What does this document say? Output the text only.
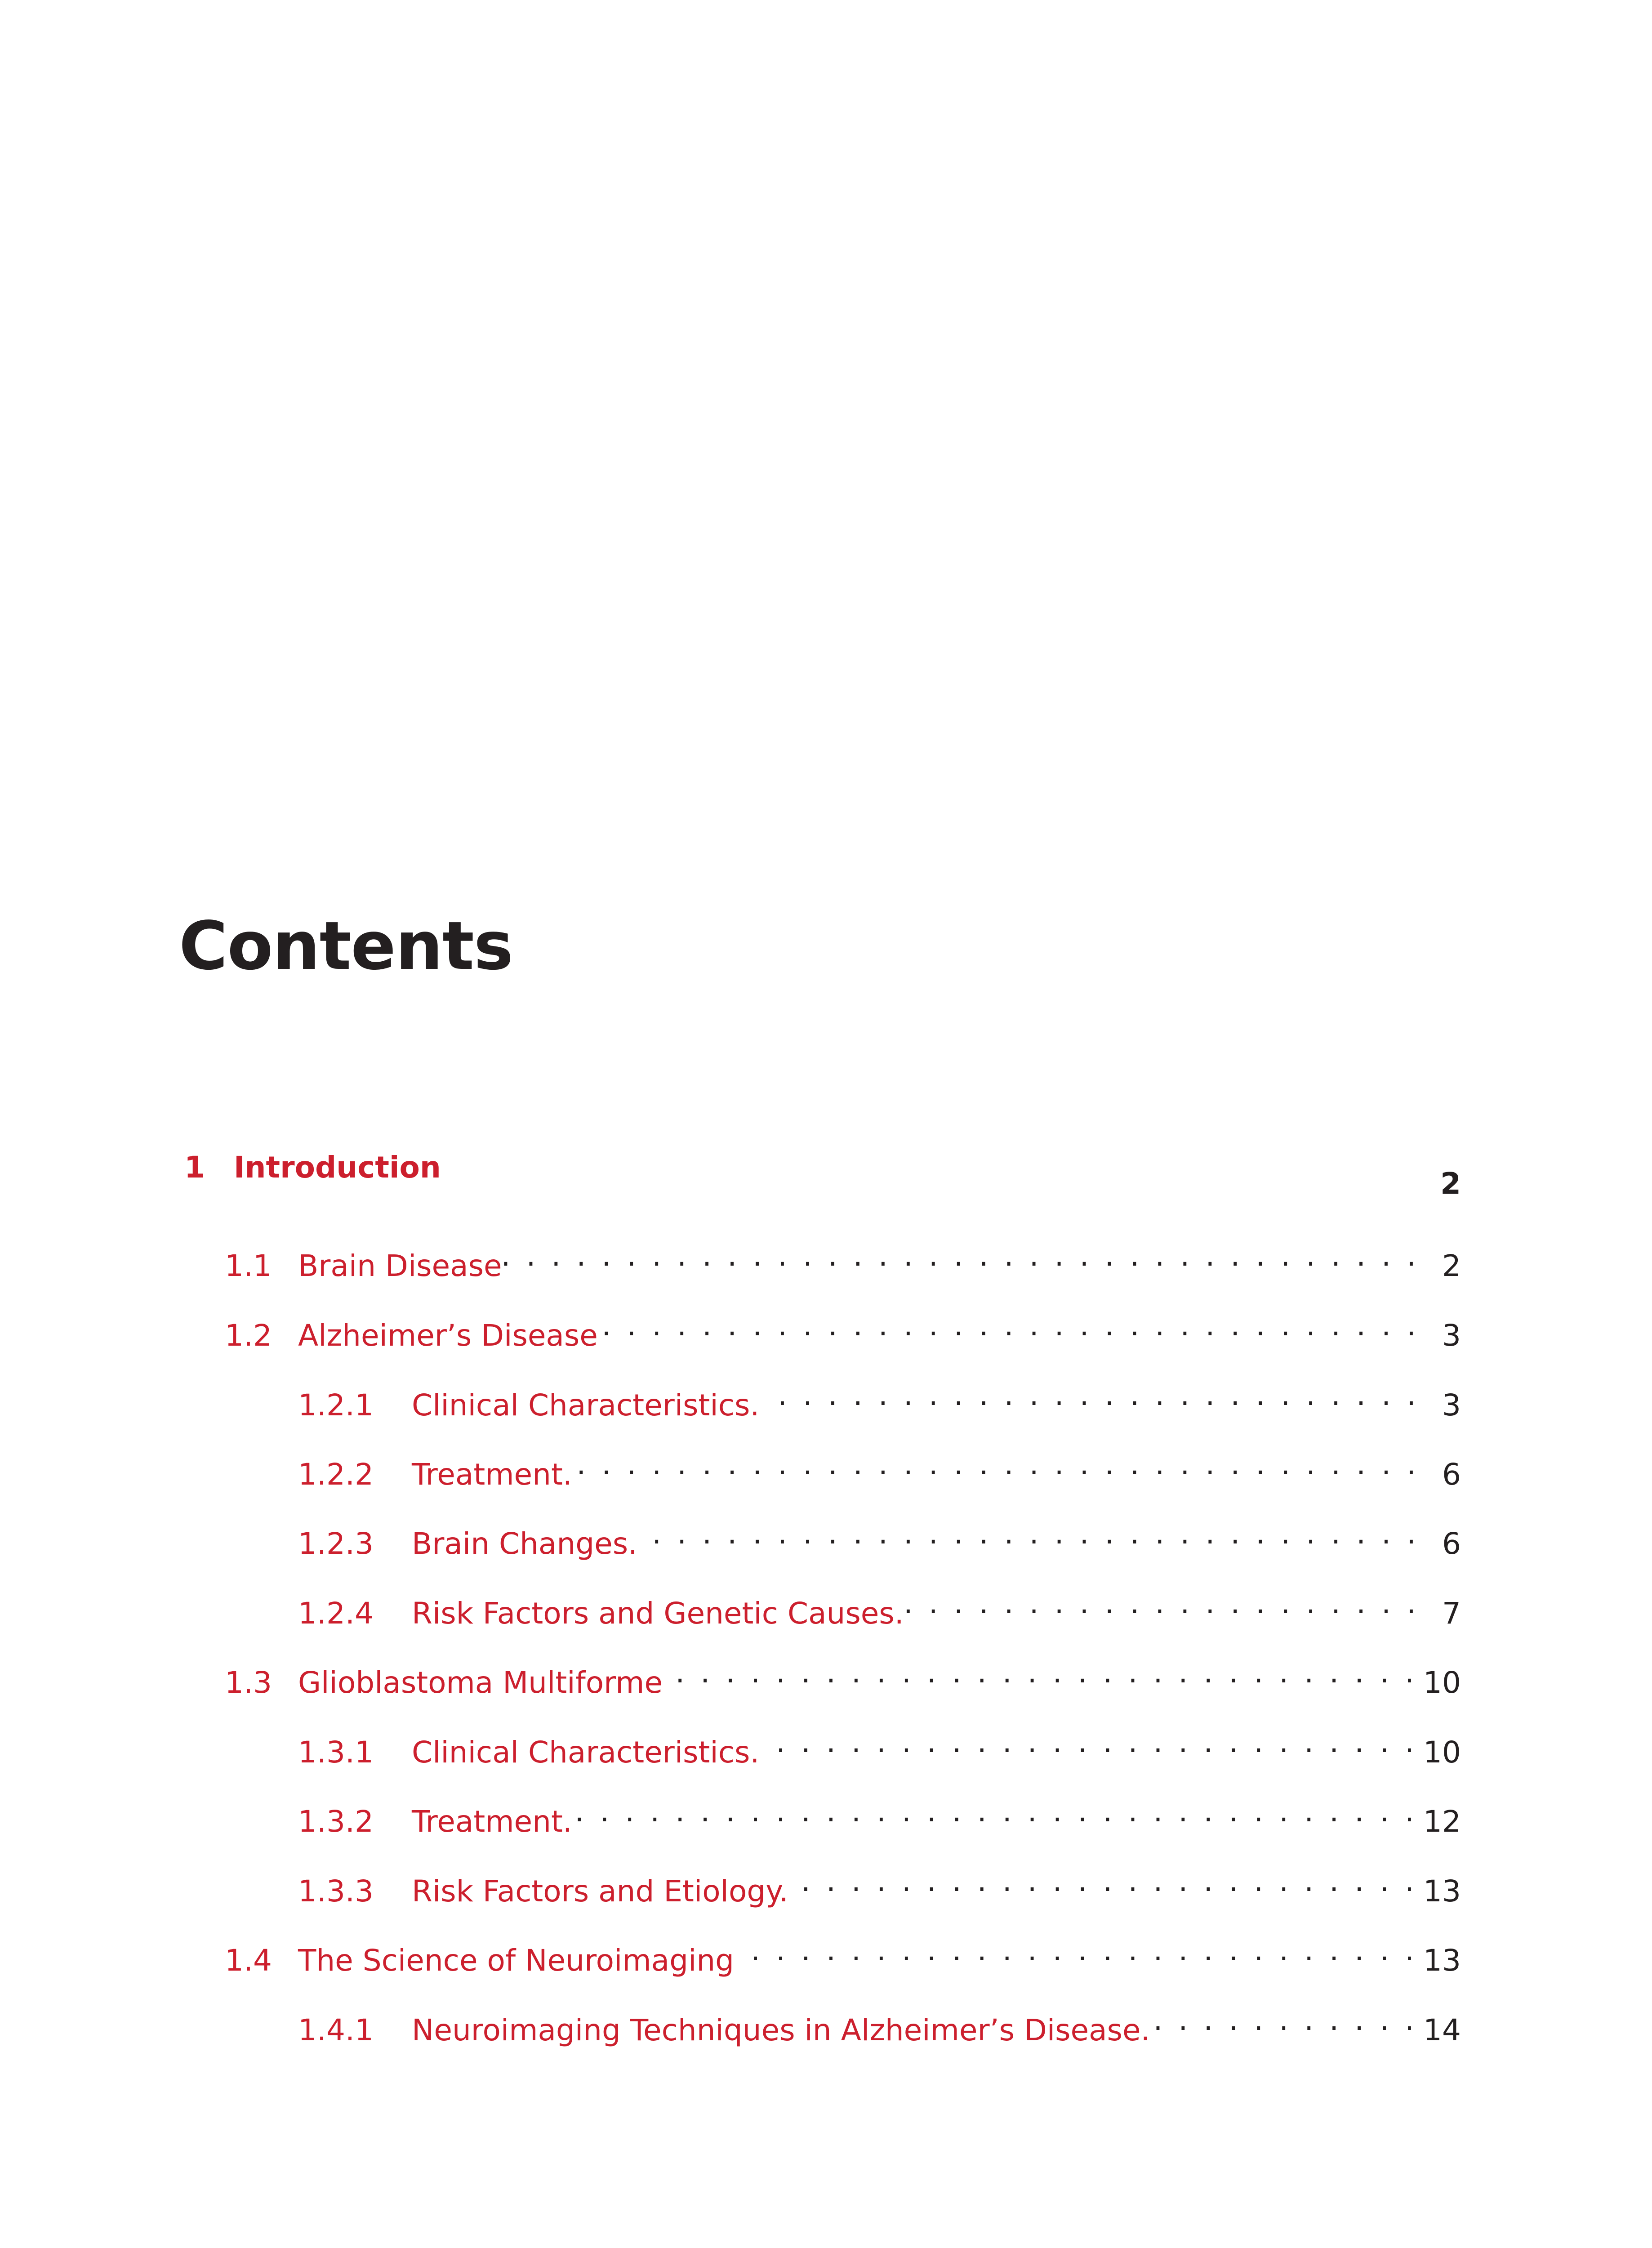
Contents
1 Introduction	2
1.1 Brain Disease . . .	2
1.2 Alzheimer’s Disease . . .	3
1.2.1	Clinical Characteristics. . . .	3
1.2.2	Treatment. . . .	6
1.2.3	Brain Changes. . . .	6
1.2.4	Risk Factors and Genetic Causes. . . .	7
1.3 Glioblastoma Multiforme . . .	10
1.3.1	Clinical Characteristics. . . .	10
1.3.2	Treatment. . . .	12
1.3.3	Risk Factors and Etiology. . . .	13
1.4 The Science of Neuroimaging . . .	13
1.4.1	Neuroimaging Techniques in Alzheimer’s Disease. . . .	14
